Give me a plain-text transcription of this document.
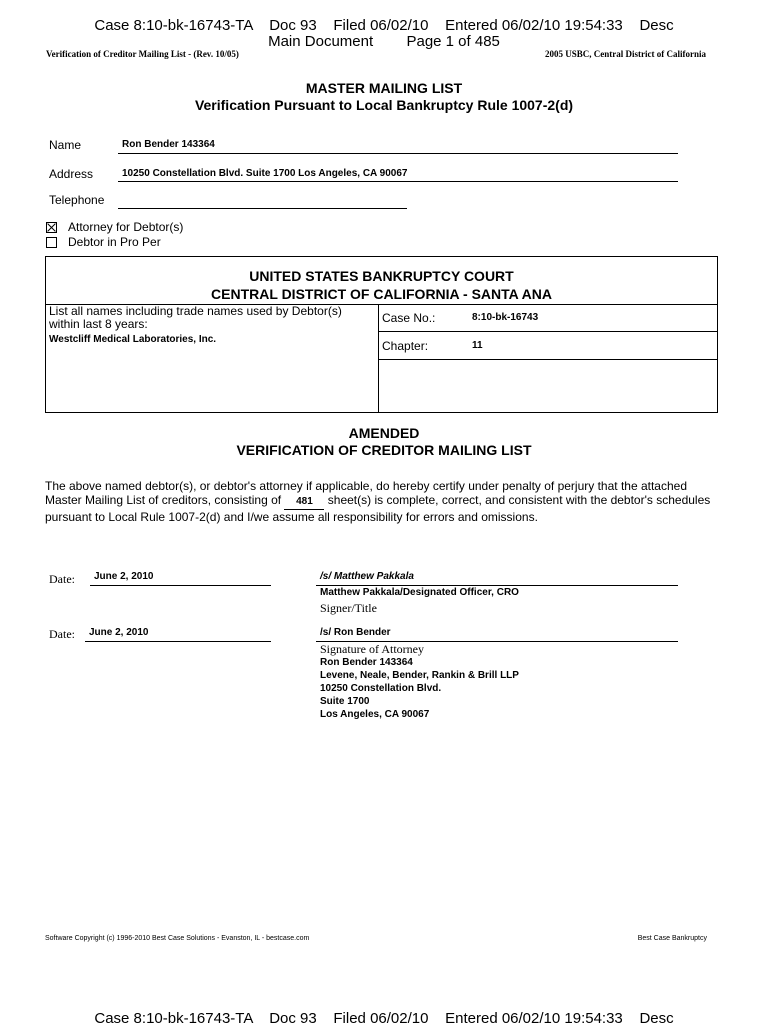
Case 8:10-bk-16743-TA    Doc 93    Filed 06/02/10    Entered 06/02/10 19:54:33    Desc
Main Document        Page 1 of 485
Verification of Creditor Mailing List - (Rev. 10/05)	2005 USBC, Central District of California
MASTER MAILING LIST
Verification Pursuant to Local Bankruptcy Rule 1007-2(d)
Name	Ron Bender 143364
Address	10250 Constellation Blvd. Suite 1700 Los Angeles, CA 90067
Telephone
Attorney for Debtor(s)
Debtor in Pro Per
UNITED STATES BANKRUPTCY COURT
CENTRAL DISTRICT OF CALIFORNIA - SANTA ANA
List all names including trade names used by Debtor(s) within last 8 years:
Westcliff Medical Laboratories, Inc.
Case No.:	8:10-bk-16743
Chapter:	11
AMENDED
VERIFICATION OF CREDITOR MAILING LIST
The above named debtor(s), or debtor's attorney if applicable, do hereby certify under penalty of perjury that the attached Master Mailing List of creditors, consisting of 481 sheet(s) is complete, correct, and consistent with the debtor's schedules pursuant to Local Rule 1007-2(d) and I/we assume all responsibility for errors and omissions.
Date: June 2, 2010	/s/ Matthew Pakkala
Matthew Pakkala/Designated Officer, CRO
Signer/Title
Date: June 2, 2010	/s/ Ron Bender
Signature of Attorney
Ron Bender 143364
Levene, Neale, Bender, Rankin & Brill LLP
10250 Constellation Blvd.
Suite 1700
Los Angeles, CA 90067
Software Copyright (c) 1996-2010 Best Case Solutions - Evanston, IL - bestcase.com	Best Case Bankruptcy
Case 8:10-bk-16743-TA    Doc 93    Filed 06/02/10    Entered 06/02/10 19:54:33    Desc
